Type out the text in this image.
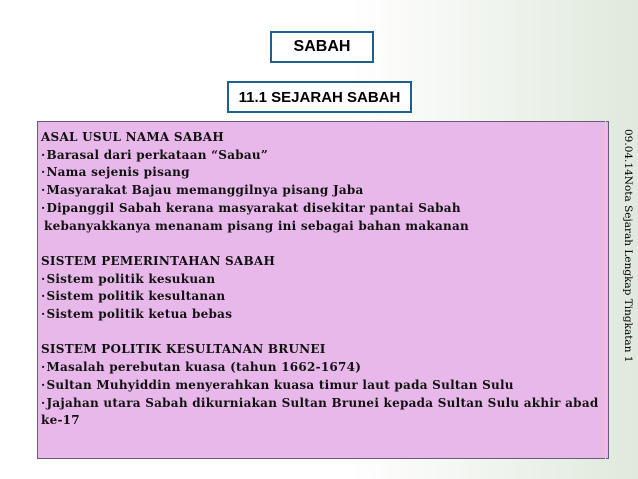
SABAH
11.1 SEJARAH SABAH
ASAL USUL NAMA SABAH
·Barasal dari perkataan “Sabau”
·Nama sejenis pisang
·Masyarakat Bajau memanggilnya pisang Jaba
·Dipanggil Sabah kerana masyarakat disekitar pantai Sabah
kebanyakkanya menanam pisang ini sebagai bahan makanan
SISTEM PEMERINTAHAN SABAH
·Sistem politik kesukuan
·Sistem politik kesultanan
·Sistem politik ketua bebas
SISTEM POLITIK KESULTANAN BRUNEI
·Masalah perebutan kuasa (tahun 1662-1674)
·Sultan Muhyiddin menyerahkan kuasa timur laut pada Sultan Sulu
·Jajahan utara Sabah dikurniakan Sultan Brunei kepada Sultan Sulu akhir abad ke-17
09.04.14Nota Sejarah Lengkap Tingkatan 1
